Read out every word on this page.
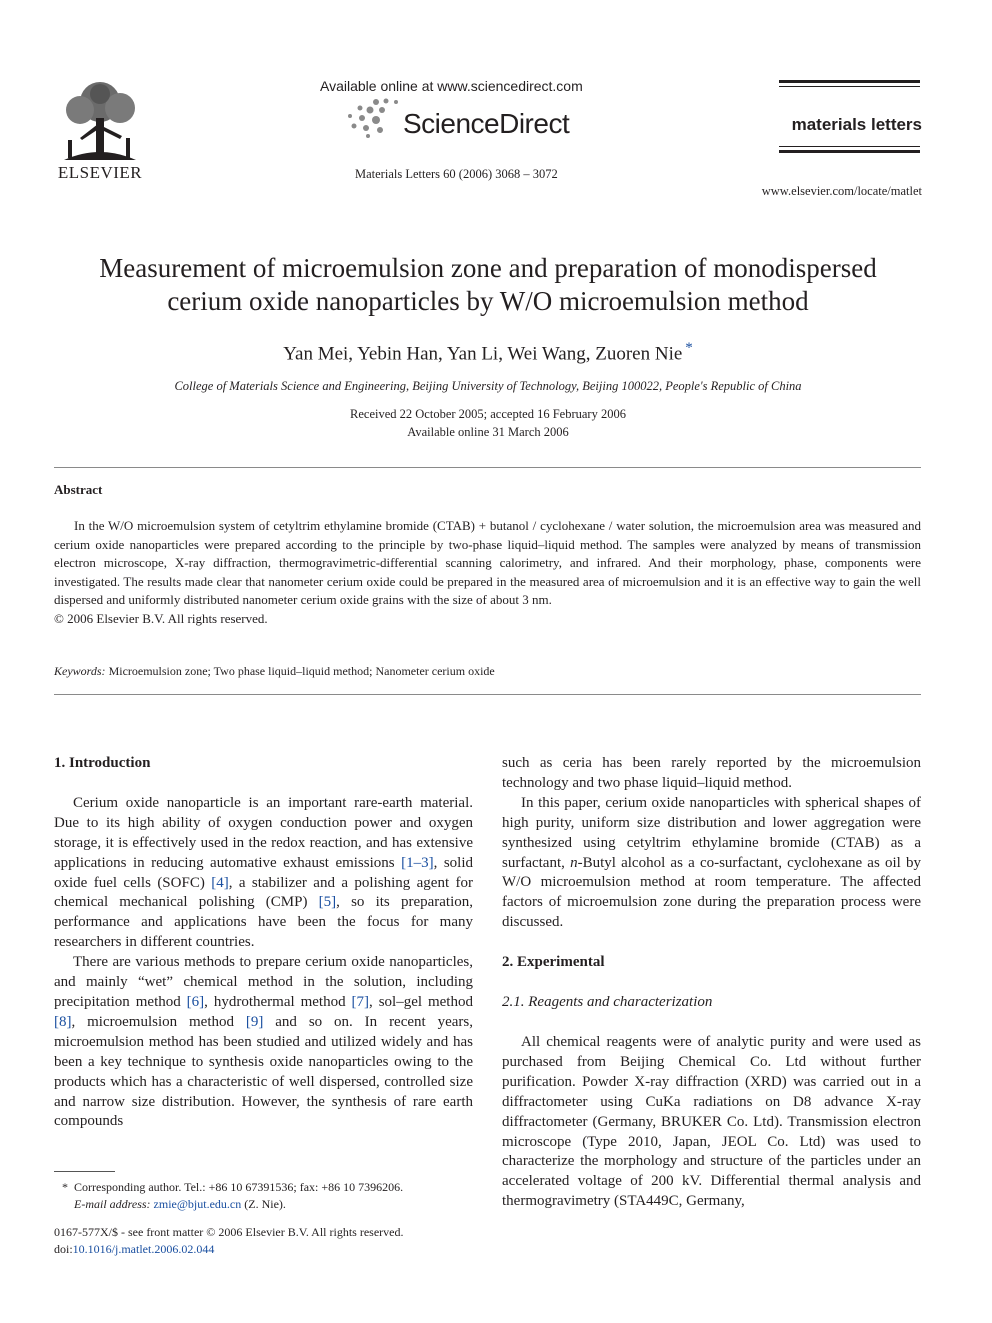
ELSEVIER
Available online at www.sciencedirect.com
ScienceDirect
Materials Letters 60 (2006) 3068 – 3072
materials letters
www.elsevier.com/locate/matlet
Measurement of microemulsion zone and preparation of monodispersed
cerium oxide nanoparticles by W/O microemulsion method
Yan Mei, Yebin Han, Yan Li, Wei Wang, Zuoren Nie *
College of Materials Science and Engineering, Beijing University of Technology, Beijing 100022, People's Republic of China
Received 22 October 2005; accepted 16 February 2006
Available online 31 March 2006
Abstract

In the W/O microemulsion system of cetyltrim ethylamine bromide (CTAB) + butanol / cyclohexane / water solution, the microemulsion area was measured and cerium oxide nanoparticles were prepared according to the principle by two-phase liquid–liquid method. The samples were analyzed by means of transmission electron microscope, X-ray diffraction, thermogravimetric-differential scanning calorimetry, and infrared. And their morphology, phase, components were investigated. The results made clear that nanometer cerium oxide could be prepared in the measured area of microemulsion and it is an effective way to gain the well dispersed and uniformly distributed nanometer cerium oxide grains with the size of about 3 nm.

© 2006 Elsevier B.V. All rights reserved.

Keywords: Microemulsion zone; Two phase liquid–liquid method; Nanometer cerium oxide
1. Introduction

Cerium oxide nanoparticle is an important rare-earth material. Due to its high ability of oxygen conduction power and oxygen storage, it is effectively used in the redox reaction, and has extensive applications in reducing automative exhaust emissions [1–3], solid oxide fuel cells (SOFC) [4], a stabilizer and a polishing agent for chemical mechanical polishing (CMP) [5], so its preparation, performance and applications have been the focus for many researchers in different countries.

There are various methods to prepare cerium oxide nanoparticles, and mainly “wet” chemical method in the solution, including precipitation method [6], hydrothermal method [7], sol–gel method [8], microemulsion method [9] and so on. In recent years, microemulsion method has been studied and utilized widely and has been a key technique to synthesis oxide nanoparticles owing to the products which has a characteristic of well dispersed, controlled size and narrow size distribution. However, the synthesis of rare earth compounds

* Corresponding author. Tel.: +86 10 67391536; fax: +86 10 7396206.
E-mail address: zmie@bjut.edu.cn (Z. Nie).
0167-577X/$ - see front matter © 2006 Elsevier B.V. All rights reserved.
doi:10.1016/j.matlet.2006.02.044

such as ceria has been rarely reported by the microemulsion technology and two phase liquid–liquid method.

In this paper, cerium oxide nanoparticles with spherical shapes of high purity, uniform size distribution and lower aggregation were synthesized using cetyltrim ethylamine bromide (CTAB) as a surfactant, n-Butyl alcohol as a co-surfactant, cyclohexane as oil by W/O microemulsion method at room temperature. The affected factors of microemulsion zone during the preparation process were discussed.

2. Experimental
2.1. Reagents and characterization

All chemical reagents were of analytic purity and were used as purchased from Beijing Chemical Co. Ltd without further purification. Powder X-ray diffraction (XRD) was carried out in a diffractometer using CuKa radiations on D8 advance X-ray diffractometer (Germany, BRUKER Co. Ltd). Transmission electron microscope (Type 2010, Japan, JEOL Co. Ltd) was used to characterize the morphology and structure of the particles under an accelerated voltage of 200 kV. Differential thermal analysis and thermogravimetry (STA449C, Germany,
